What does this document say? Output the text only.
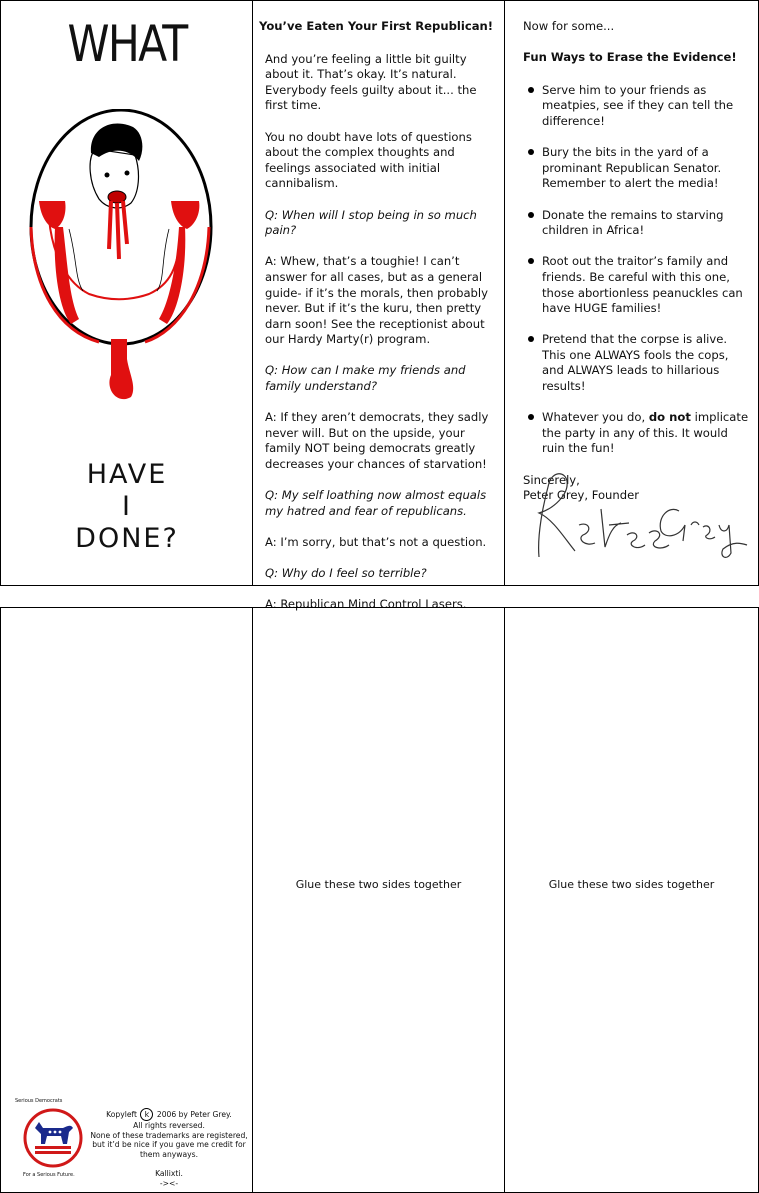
WHAT
HAVE
I
DONE?
You’ve Eaten Your First Republican!

And you’re feeling a little bit guilty about it. That’s okay. It’s natural. Everybody feels guilty about it... the first time.

You no doubt have lots of questions about the complex thoughts and feelings associated with initial cannibalism.

Q: When will I stop being in so much pain?

A: Whew, that’s a toughie! I can’t answer for all cases, but as a general guide- if it’s the morals, then probably never. But if it’s the kuru, then pretty darn soon! See the receptionist about our Hardy Marty(r) program.

Q: How can I make my friends and family understand?

A: If they aren’t democrats, they sadly never will. But on the upside, your family NOT being democrats greatly decreases your chances of starvation!

Q: My self loathing now almost equals my hatred and fear of republicans.

A: I’m sorry, but that’s not a question.

Q: Why do I feel so terrible?

A: Republican Mind Control Lasers.

Now for some...

Fun Ways to Erase the Evidence!

Serve him to your friends as meatpies, see if they can tell the difference!
Bury the bits in the yard of a prominant Republican Senator. Remember to alert the media!
Donate the remains to starving children in Africa!
Root out the traitor’s family and friends. Be careful with this one, those abortionless peanuckles can have HUGE families!
Pretend that the corpse is alive. This one ALWAYS fools the cops, and ALWAYS leads to hillarious results!
Whatever you do, do not implicate the party in any of this. It would ruin the fun!
Sincerely,
Peter Grey, Founder
Serious Democrats
For a Serious Future.
Kopyleft k 2006 by Peter Grey.
All rights reversed.
None of these trademarks are registered, but it’d be nice if you gave me credit for them anyways.
Kallixti.
-><-
Glue these two sides together	Glue these two sides together
